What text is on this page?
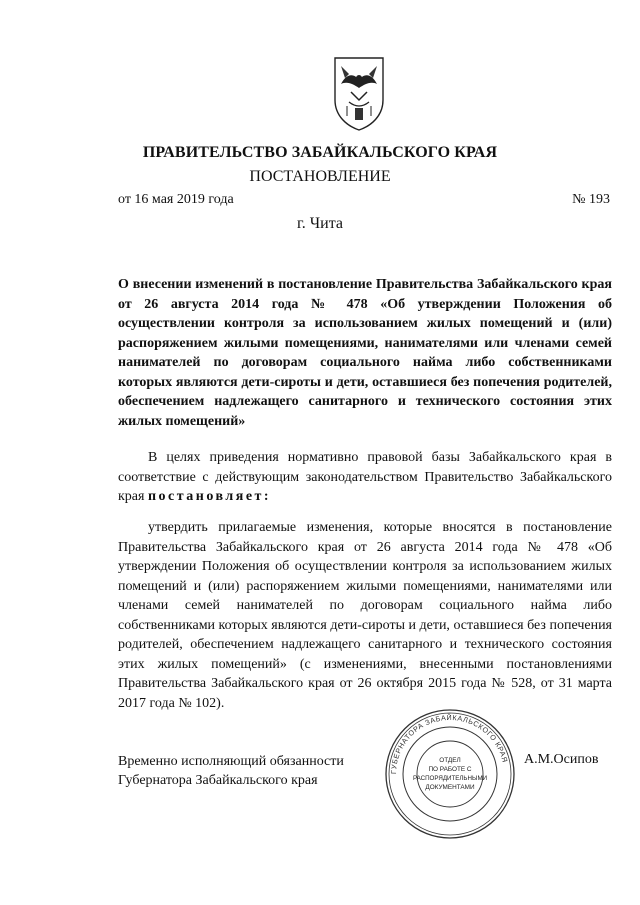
ПРАВИТЕЛЬСТВО ЗАБАЙКАЛЬСКОГО КРАЯ
ПОСТАНОВЛЕНИЕ
от 16 мая 2019 года	№ 193
г. Чита
О внесении изменений в постановление Правительства Забайкальского края от 26 августа 2014 года № 478 «Об утверждении Положения об осуществлении контроля за использованием жилых помещений и (или) распоряжением жилыми помещениями, нанимателями или членами семей нанимателей по договорам социального найма либо собственниками которых являются дети-сироты и дети, оставшиеся без попечения родителей, обеспечением надлежащего санитарного и технического состояния этих жилых помещений»
В целях приведения нормативно правовой базы Забайкальского края в соответствие с действующим законодательством Правительство Забайкальского края постановляет:
утвердить прилагаемые изменения, которые вносятся в постановление Правительства Забайкальского края от 26 августа 2014 года № 478 «Об утверждении Положения об осуществлении контроля за использованием жилых помещений и (или) распоряжением жилыми помещениями, нанимателями или членами семей нанимателей по договорам социального найма либо собственниками которых являются дети-сироты и дети, оставшиеся без попечения родителей, обеспечением надлежащего санитарного и технического состояния этих жилых помещений» (с изменениями, внесенными постановлениями Правительства Забайкальского края от 26 октября 2015 года № 528, от 31 марта 2017 года № 102).
Временно исполняющий обязанности
Губернатора Забайкальского края
А.М.Осипов
ГУБЕРНАТОРА ЗАБАЙКАЛЬСКОГО КРАЯ
ОТДЕЛ
ПО РАБОТЕ С
РАСПОРЯДИТЕЛЬНЫМИ
ДОКУМЕНТАМИ
